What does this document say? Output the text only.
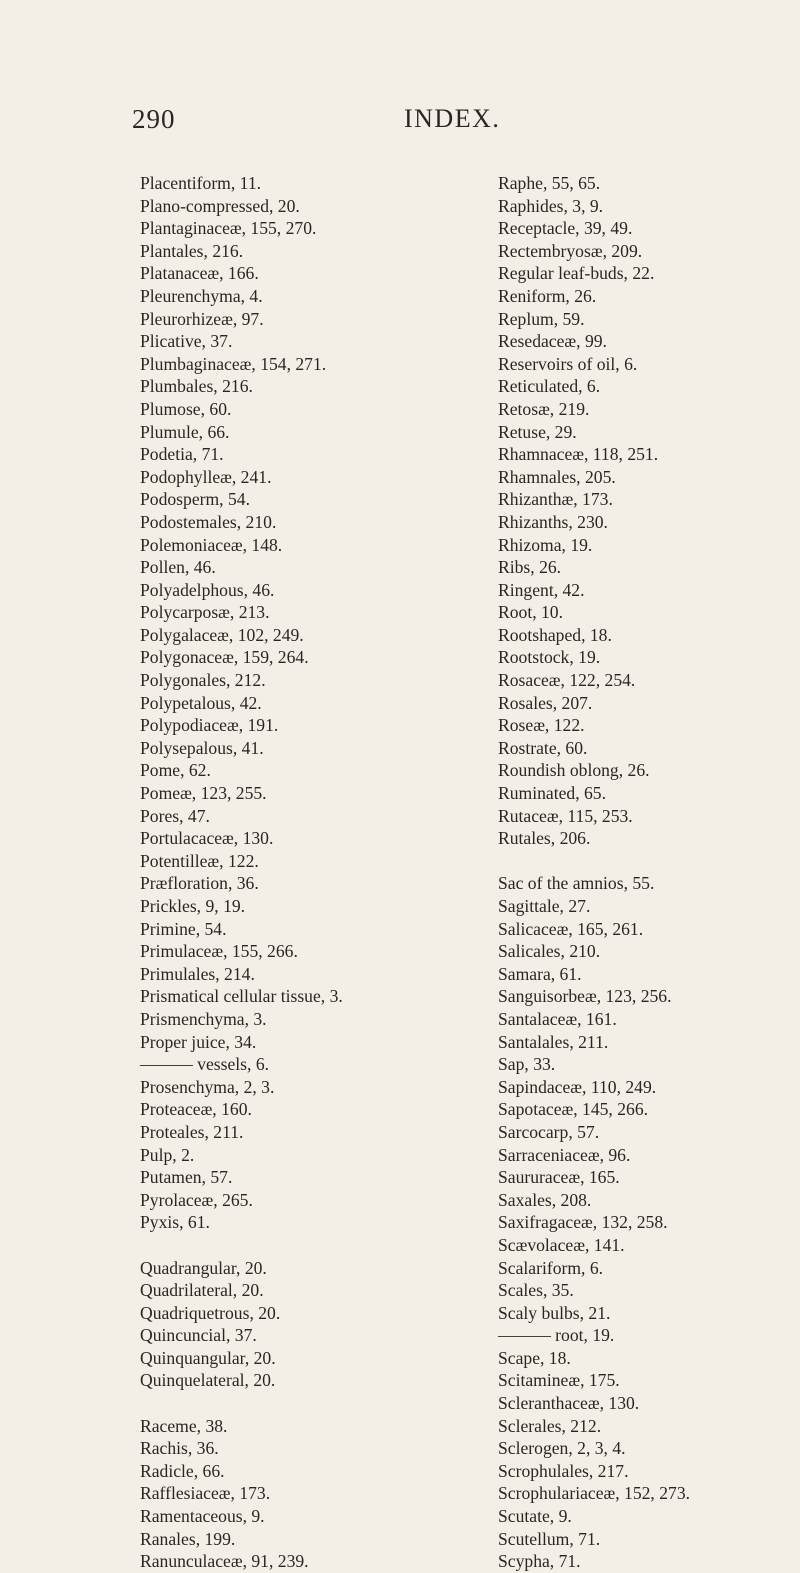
290	INDEX.
Placentiform, 11.
Plano-compressed, 20.
Plantaginaceæ, 155, 270.
Plantales, 216.
Platanaceæ, 166.
Pleurenchyma, 4.
Pleurorhizeæ, 97.
Plicative, 37.
Plumbaginaceæ, 154, 271.
Plumbales, 216.
Plumose, 60.
Plumule, 66.
Podetia, 71.
Podophylleæ, 241.
Podosperm, 54.
Podostemales, 210.
Polemoniaceæ, 148.
Pollen, 46.
Polyadelphous, 46.
Polycarposæ, 213.
Polygalaceæ, 102, 249.
Polygonaceæ, 159, 264.
Polygonales, 212.
Polypetalous, 42.
Polypodiaceæ, 191.
Polysepalous, 41.
Pome, 62.
Pomeæ, 123, 255.
Pores, 47.
Portulacaceæ, 130.
Potentilleæ, 122.
Præfloration, 36.
Prickles, 9, 19.
Primine, 54.
Primulaceæ, 155, 266.
Primulales, 214.
Prismatical cellular tissue, 3.
Prismenchyma, 3.
Proper juice, 34.
——— vessels, 6.
Prosenchyma, 2, 3.
Proteaceæ, 160.
Proteales, 211.
Pulp, 2.
Putamen, 57.
Pyrolaceæ, 265.
Pyxis, 61.
Quadrangular, 20.
Quadrilateral, 20.
Quadriquetrous, 20.
Quincuncial, 37.
Quinquangular, 20.
Quinquelateral, 20.
Raceme, 38.
Rachis, 36.
Radicle, 66.
Rafflesiaceæ, 173.
Ramentaceous, 9.
Ranales, 199.
Ranunculaceæ, 91, 239.
Raphe, 55, 65.
Raphides, 3, 9.
Receptacle, 39, 49.
Rectembryosæ, 209.
Regular leaf-buds, 22.
Reniform, 26.
Replum, 59.
Resedaceæ, 99.
Reservoirs of oil, 6.
Reticulated, 6.
Retosæ, 219.
Retuse, 29.
Rhamnaceæ, 118, 251.
Rhamnales, 205.
Rhizanthæ, 173.
Rhizanths, 230.
Rhizoma, 19.
Ribs, 26.
Ringent, 42.
Root, 10.
Rootshaped, 18.
Rootstock, 19.
Rosaceæ, 122, 254.
Rosales, 207.
Roseæ, 122.
Rostrate, 60.
Roundish oblong, 26.
Ruminated, 65.
Rutaceæ, 115, 253.
Rutales, 206.
Sac of the amnios, 55.
Sagittale, 27.
Salicaceæ, 165, 261.
Salicales, 210.
Samara, 61.
Sanguisorbeæ, 123, 256.
Santalaceæ, 161.
Santalales, 211.
Sap, 33.
Sapindaceæ, 110, 249.
Sapotaceæ, 145, 266.
Sarcocarp, 57.
Sarraceniaceæ, 96.
Saururaceæ, 165.
Saxales, 208.
Saxifragaceæ, 132, 258.
Scævolaceæ, 141.
Scalariform, 6.
Scales, 35.
Scaly bulbs, 21.
——— root, 19.
Scape, 18.
Scitamineæ, 175.
Scleranthaceæ, 130.
Sclerales, 212.
Sclerogen, 2, 3, 4.
Scrophulales, 217.
Scrophulariaceæ, 152, 273.
Scutate, 9.
Scutellum, 71.
Scypha, 71.
